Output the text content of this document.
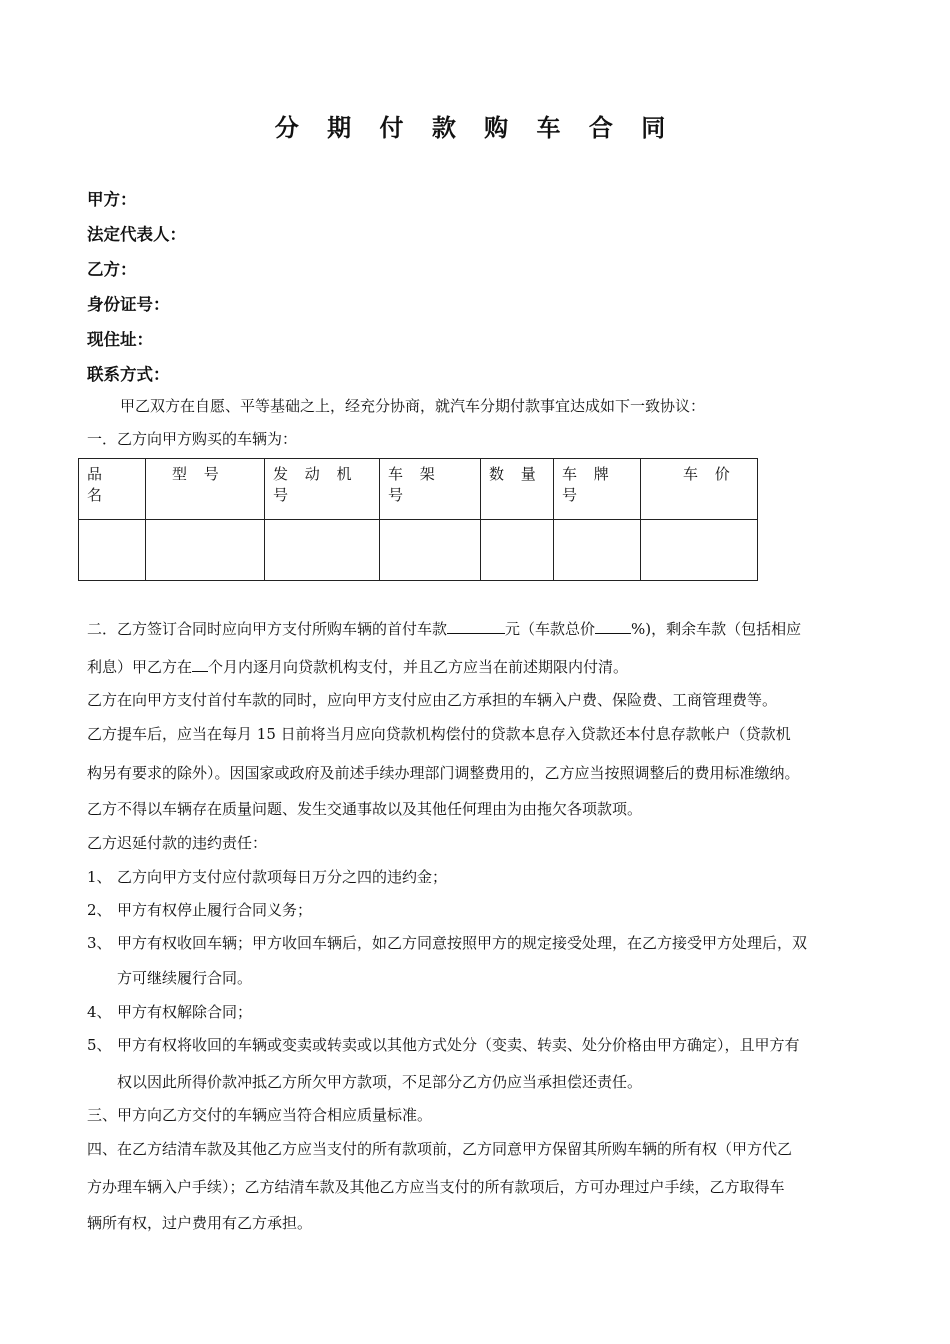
分 期 付 款 购 车 合 同
甲方：
法定代表人：
乙方：
身份证号：
现住址：
联系方式：
甲乙双方在自愿、平等基础之上，经充分协商，就汽车分期付款事宜达成如下一致协议：
一．乙方向甲方购买的车辆为：
品 名	型 号	发 动 机 号	车 架 号	数 量	车 牌 号	车 价

二．乙方签订合同时应向甲方支付所购车辆的首付车款	元（车款总价 %)，剩余车款（包括相应
利息）甲乙方在 个月内逐月向贷款机构支付，并且乙方应当在前述期限内付清。
乙方在向甲方支付首付车款的同时，应向甲方支付应由乙方承担的车辆入户费、保险费、工商管理费等。
乙方提车后，应当在每月 15 日前将当月应向贷款机构偿付的贷款本息存入贷款还本付息存款帐户（贷款机
构另有要求的除外）。因国家或政府及前述手续办理部门调整费用的，乙方应当按照调整后的费用标准缴纳。
乙方不得以车辆存在质量问题、发生交通事故以及其他任何理由为由拖欠各项款项。
乙方迟延付款的违约责任：
1、 乙方向甲方支付应付款项每日万分之四的违约金；
2、 甲方有权停止履行合同义务；
3、 甲方有权收回车辆；甲方收回车辆后，如乙方同意按照甲方的规定接受处理，在乙方接受甲方处理后，双
方可继续履行合同。
4、 甲方有权解除合同；
5、 甲方有权将收回的车辆或变卖或转卖或以其他方式处分（变卖、转卖、处分价格由甲方确定），且甲方有
权以因此所得价款冲抵乙方所欠甲方款项，不足部分乙方仍应当承担偿还责任。
三、甲方向乙方交付的车辆应当符合相应质量标准。
四、在乙方结清车款及其他乙方应当支付的所有款项前，乙方同意甲方保留其所购车辆的所有权（甲方代乙
方办理车辆入户手续）；乙方结清车款及其他乙方应当支付的所有款项后，方可办理过户手续，乙方取得车
辆所有权，过户费用有乙方承担。
